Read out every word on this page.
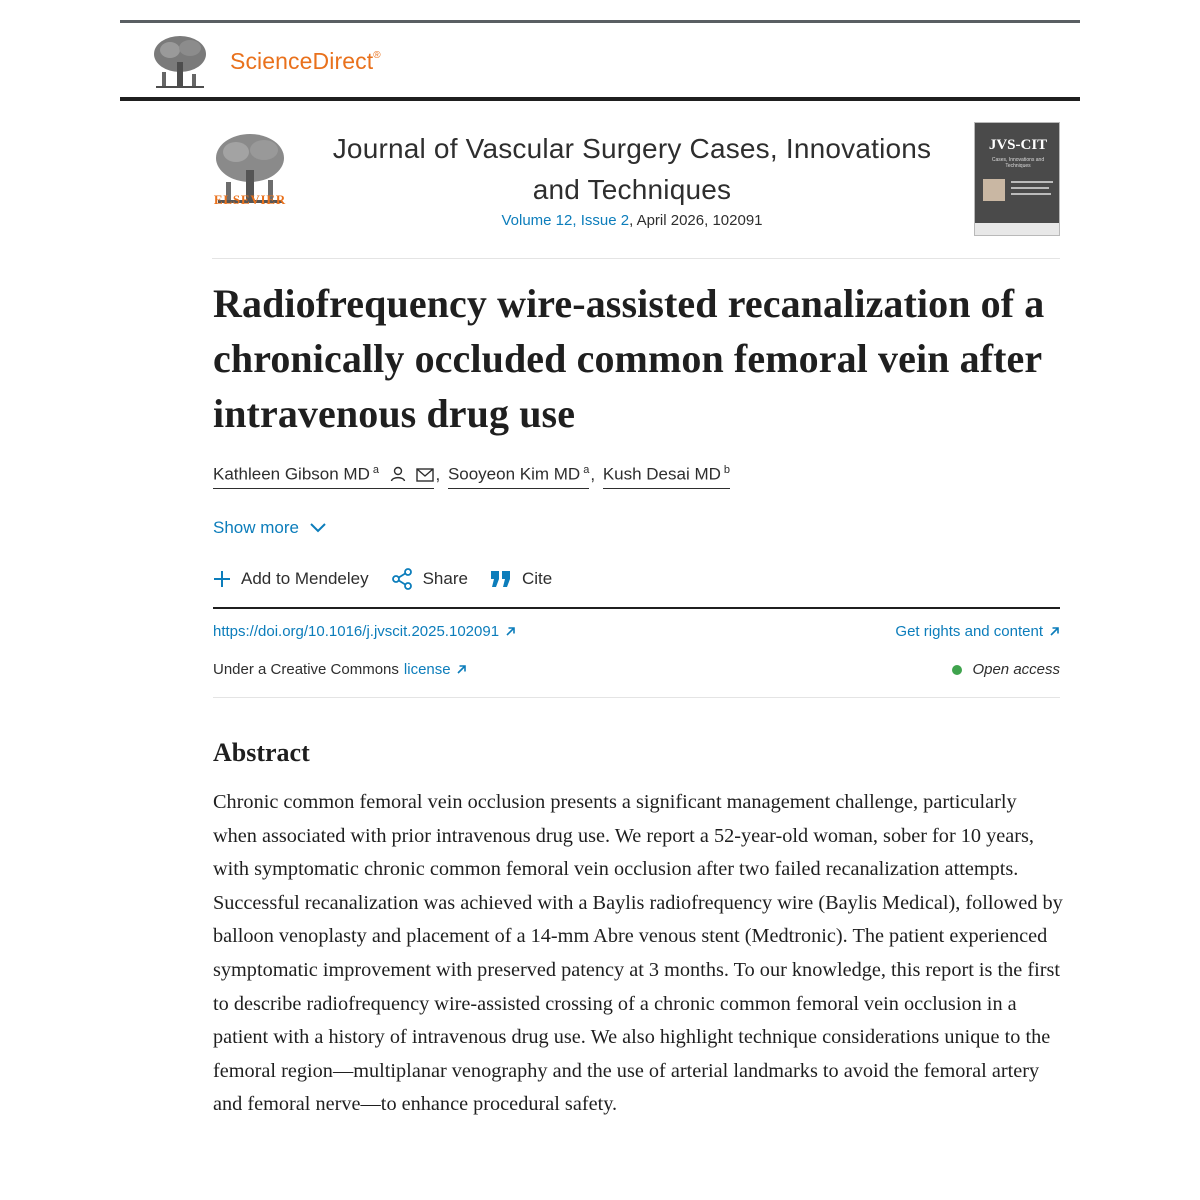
ScienceDirect®
ELSEVIER
Journal of Vascular Surgery Cases, Innovations
and Techniques
Volume 12, Issue 2, April 2026, 102091
JVS-CIT
Cases, Innovations and Techniques
Radiofrequency wire-assisted recanalization of a chronically occluded common femoral vein after intravenous drug use
Kathleen Gibson MD $^a$	, Sooyeon Kim MD $^a$, Kush Desai MD $^b$
Show more
Add to Mendeley	Share	Cite
https://doi.org/10.1016/j.jvscit.2025.102091	Get rights and content
Under a Creative Commons license	Open access
Abstract

Chronic common femoral vein occlusion presents a significant management challenge, particularly when associated with prior intravenous drug use. We report a 52-year-old woman, sober for 10 years, with symptomatic chronic common femoral vein occlusion after two failed recanalization attempts. Successful recanalization was achieved with a Baylis radiofrequency wire (Baylis Medical), followed by balloon venoplasty and placement of a 14-mm Abre venous stent (Medtronic). The patient experienced symptomatic improvement with preserved patency at 3 months. To our knowledge, this report is the first to describe radiofrequency wire-assisted crossing of a chronic common femoral vein occlusion in a patient with a history of intravenous drug use. We also highlight technique considerations unique to the femoral region—multiplanar venography and the use of arterial landmarks to avoid the femoral artery and femoral nerve—to enhance procedural safety.
